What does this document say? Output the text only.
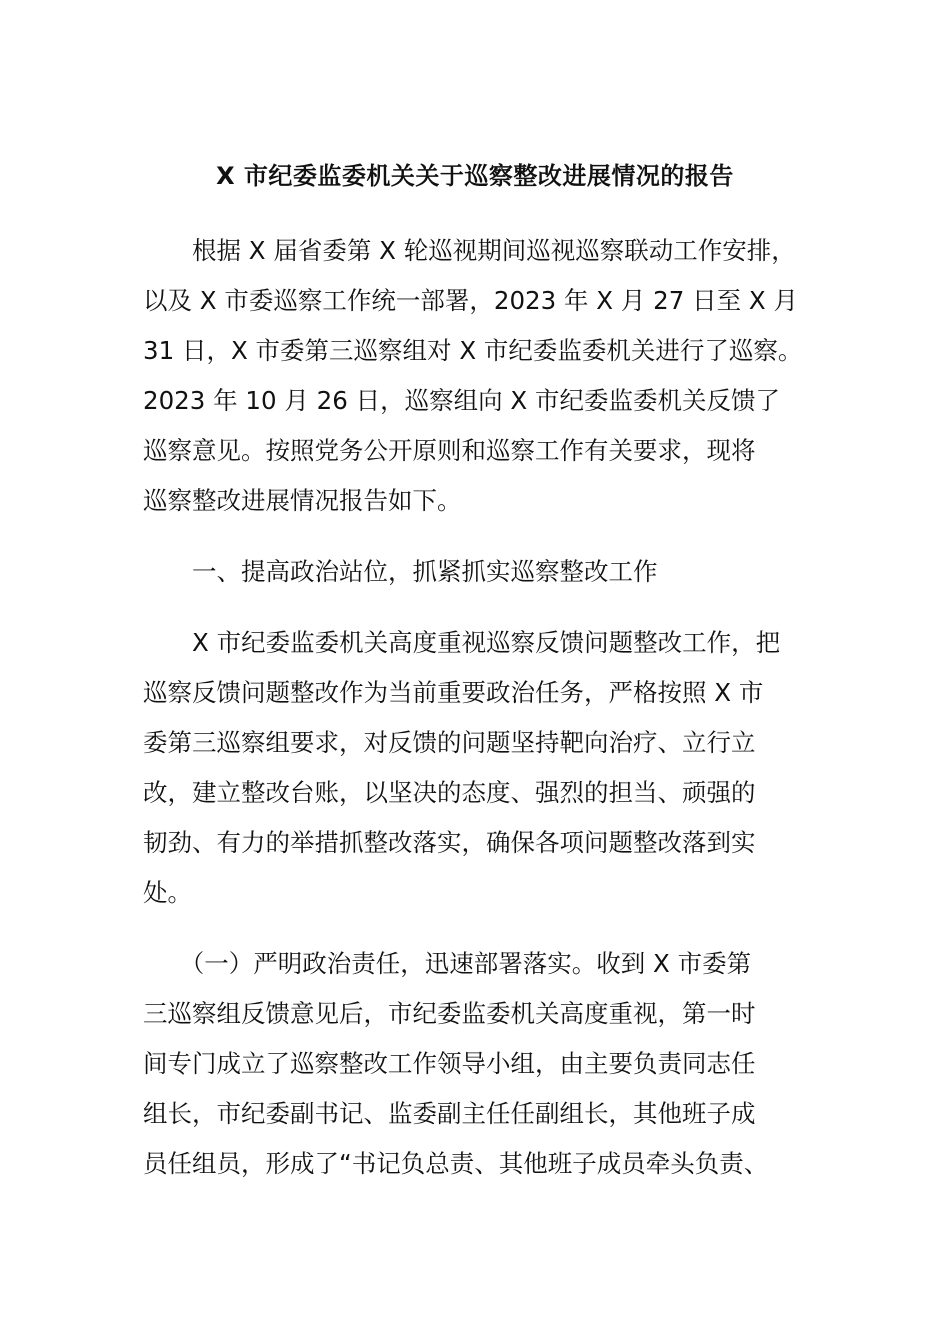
X 市纪委监委机关关于巡察整改进展情况的报告
　　根据 X 届省委第 X 轮巡视期间巡视巡察联动工作安排，
以及 X 市委巡察工作统一部署，2023 年 X 月 27 日至 X 月
31 日，X 市委第三巡察组对 X 市纪委监委机关进行了巡察。
2023 年 10 月 26 日，巡察组向 X 市纪委监委机关反馈了
巡察意见。按照党务公开原则和巡察工作有关要求，现将
巡察整改进展情况报告如下。
　　一、提高政治站位，抓紧抓实巡察整改工作
　　X 市纪委监委机关高度重视巡察反馈问题整改工作，把
巡察反馈问题整改作为当前重要政治任务，严格按照 X 市
委第三巡察组要求，对反馈的问题坚持靶向治疗、立行立
改，建立整改台账，以坚决的态度、强烈的担当、顽强的
韧劲、有力的举措抓整改落实，确保各项问题整改落到实
处。
　　（一）严明政治责任，迅速部署落实。收到 X 市委第
三巡察组反馈意见后，市纪委监委机关高度重视，第一时
间专门成立了巡察整改工作领导小组，由主要负责同志任
组长，市纪委副书记、监委副主任任副组长，其他班子成
员任组员，形成了“书记负总责、其他班子成员牵头负责、
